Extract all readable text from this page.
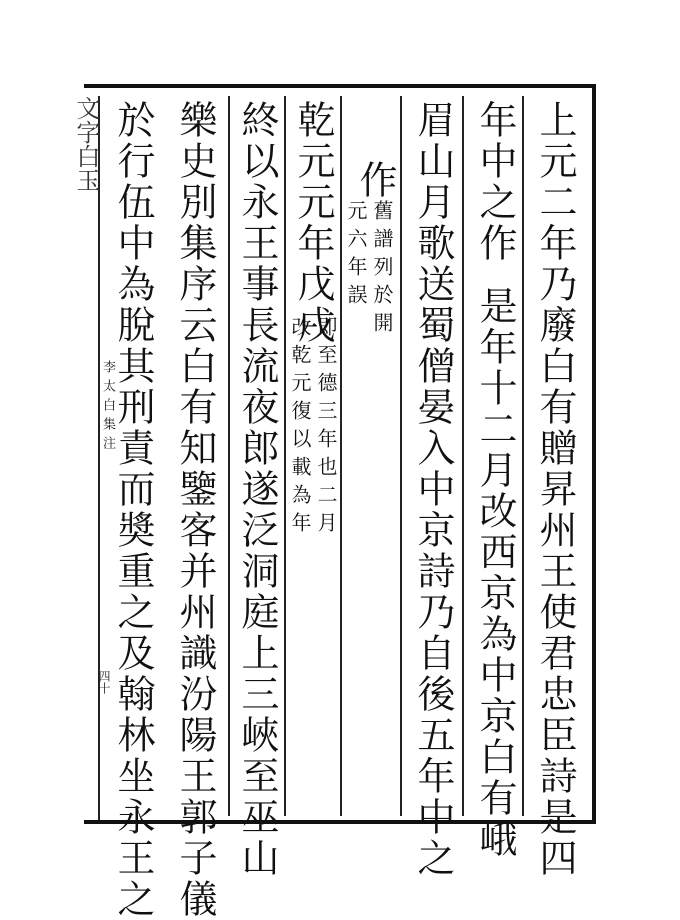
文字白玉
李太白集注
四十	上元二年乃廢白有贈昇州王使君忠臣詩是四
年中之作是年十二月改西京為中京白有峨
眉山月歌送蜀僧晏入中京詩乃自後五年中之
作
舊譜列於開
元六年誤
乾元元年戊戌
即至德三年也二月
改乾元復以載為年
終以永王事長流夜郎遂泛洞庭上三峽至巫山
樂史別集序云白有知鑒客并州識汾陽王郭子儀
於行伍中為脫其刑責而奬重之及翰林坐永王之
